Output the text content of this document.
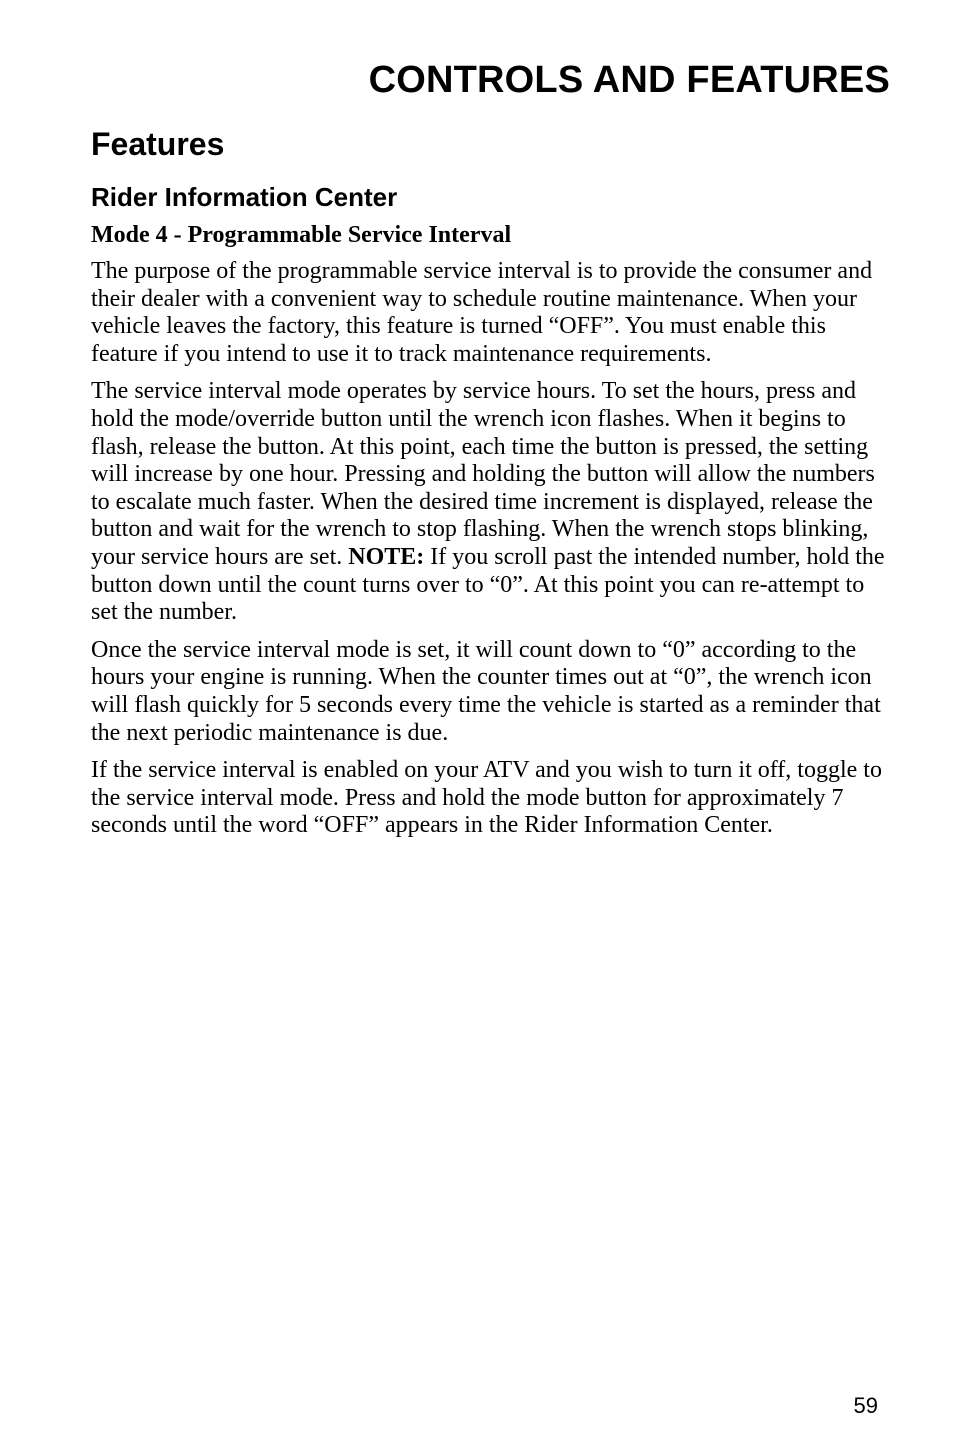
CONTROLS AND FEATURES
Features
Rider Information Center
Mode 4 - Programmable Service Interval

The purpose of the programmable service interval is to provide the consumer and their dealer with a convenient way to schedule routine maintenance. When your vehicle leaves the factory, this feature is turned “OFF”. You must enable this feature if you intend to use it to track maintenance requirements.

The service interval mode operates by service hours. To set the hours, press and hold the mode/override button until the wrench icon flashes. When it begins to flash, release the button. At this point, each time the button is pressed, the setting will increase by one hour. Pressing and holding the button will allow the numbers to escalate much faster. When the desired time increment is displayed, release the button and wait for the wrench to stop flashing. When the wrench stops blinking, your service hours are set. NOTE: If you scroll past the intended number, hold the button down until the count turns over to “0”. At this point you can re-attempt to set the number.

Once the service interval mode is set, it will count down to “0” according to the hours your engine is running. When the counter times out at “0”, the wrench icon will flash quickly for 5 seconds every time the vehicle is started as a reminder that the next periodic maintenance is due.

If the service interval is enabled on your ATV and you wish to turn it off, toggle to the service interval mode. Press and hold the mode button for approximately 7 seconds until the word “OFF” appears in the Rider Information Center.

59
